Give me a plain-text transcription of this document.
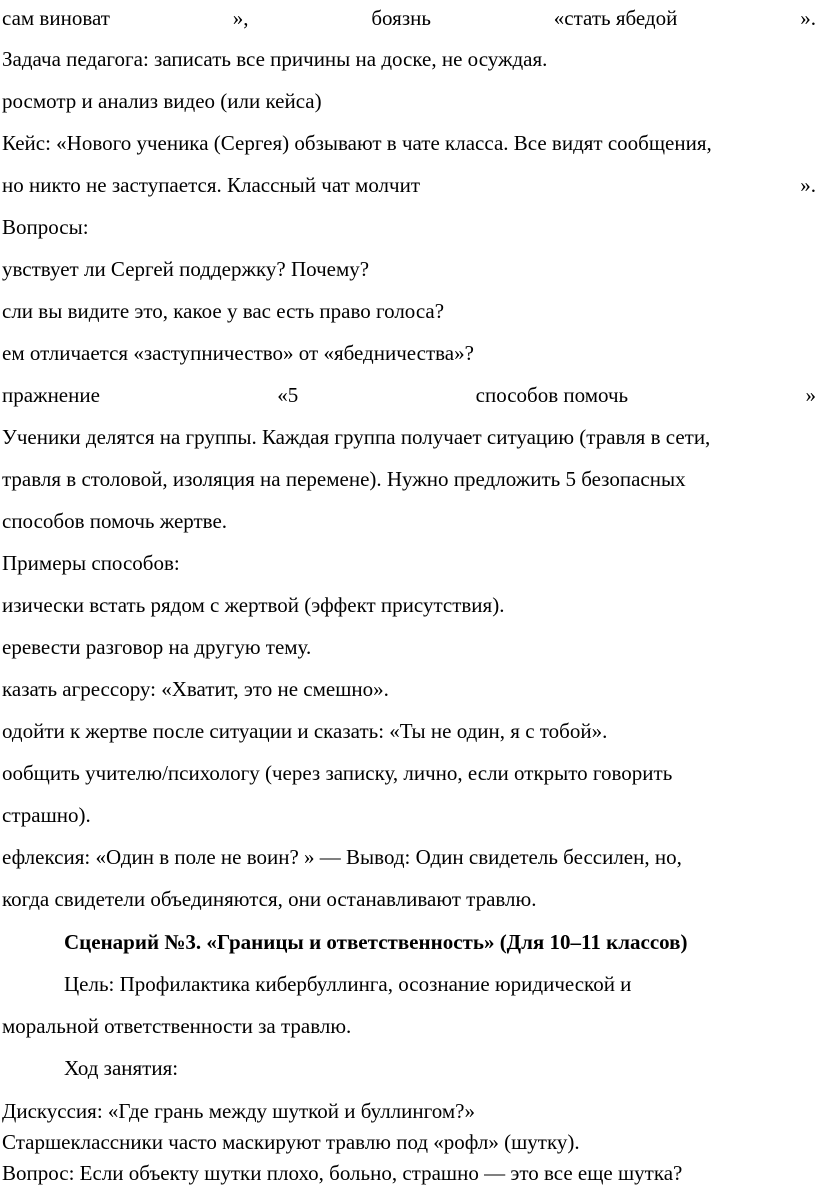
сам виноват	»,	боязнь	«стать ябедой	».
Задача педагога: записать все причины на доске, не осуждая.
росмотр и анализ видео (или кейса)
Кейс: «Нового ученика (Сергея) обзывают в чате класса. Все видят сообщения,
но никто не заступается. Классный чат молчит	».
Вопросы:
увствует ли Сергей поддержку? Почему?
сли вы видите это, какое у вас есть право голоса?
ем отличается «заступничество» от «ябедничества»?
пражнение	«5	способов помочь	»
Ученики делятся на группы. Каждая группа получает ситуацию (травля в сети,
травля в столовой, изоляция на перемене). Нужно предложить 5 безопасных
способов помочь жертве.
Примеры способов:
изически встать рядом с жертвой (эффект присутствия).
еревести разговор на другую тему.
казать агрессору: «Хватит, это не смешно».
одойти к жертве после ситуации и сказать: «Ты не один, я с тобой».
ообщить учителю/психологу (через записку, лично, если открыто говорить
страшно).
ефлексия: «Один в поле не воин? » — Вывод: Один свидетель бессилен, но,
когда свидетели объединяются, они останавливают травлю.
Сценарий №3. «Границы и ответственность» (Для 10–11 классов)
Цель: Профилактика кибербуллинга, осознание юридической и
моральной ответственности за травлю.
Ход занятия:
Дискуссия: «Где грань между шуткой и буллингом?»
Старшеклассники часто маскируют травлю под «рофл» (шутку).
Вопрос: Если объекту шутки плохо, больно, страшно — это все еще шутка?
